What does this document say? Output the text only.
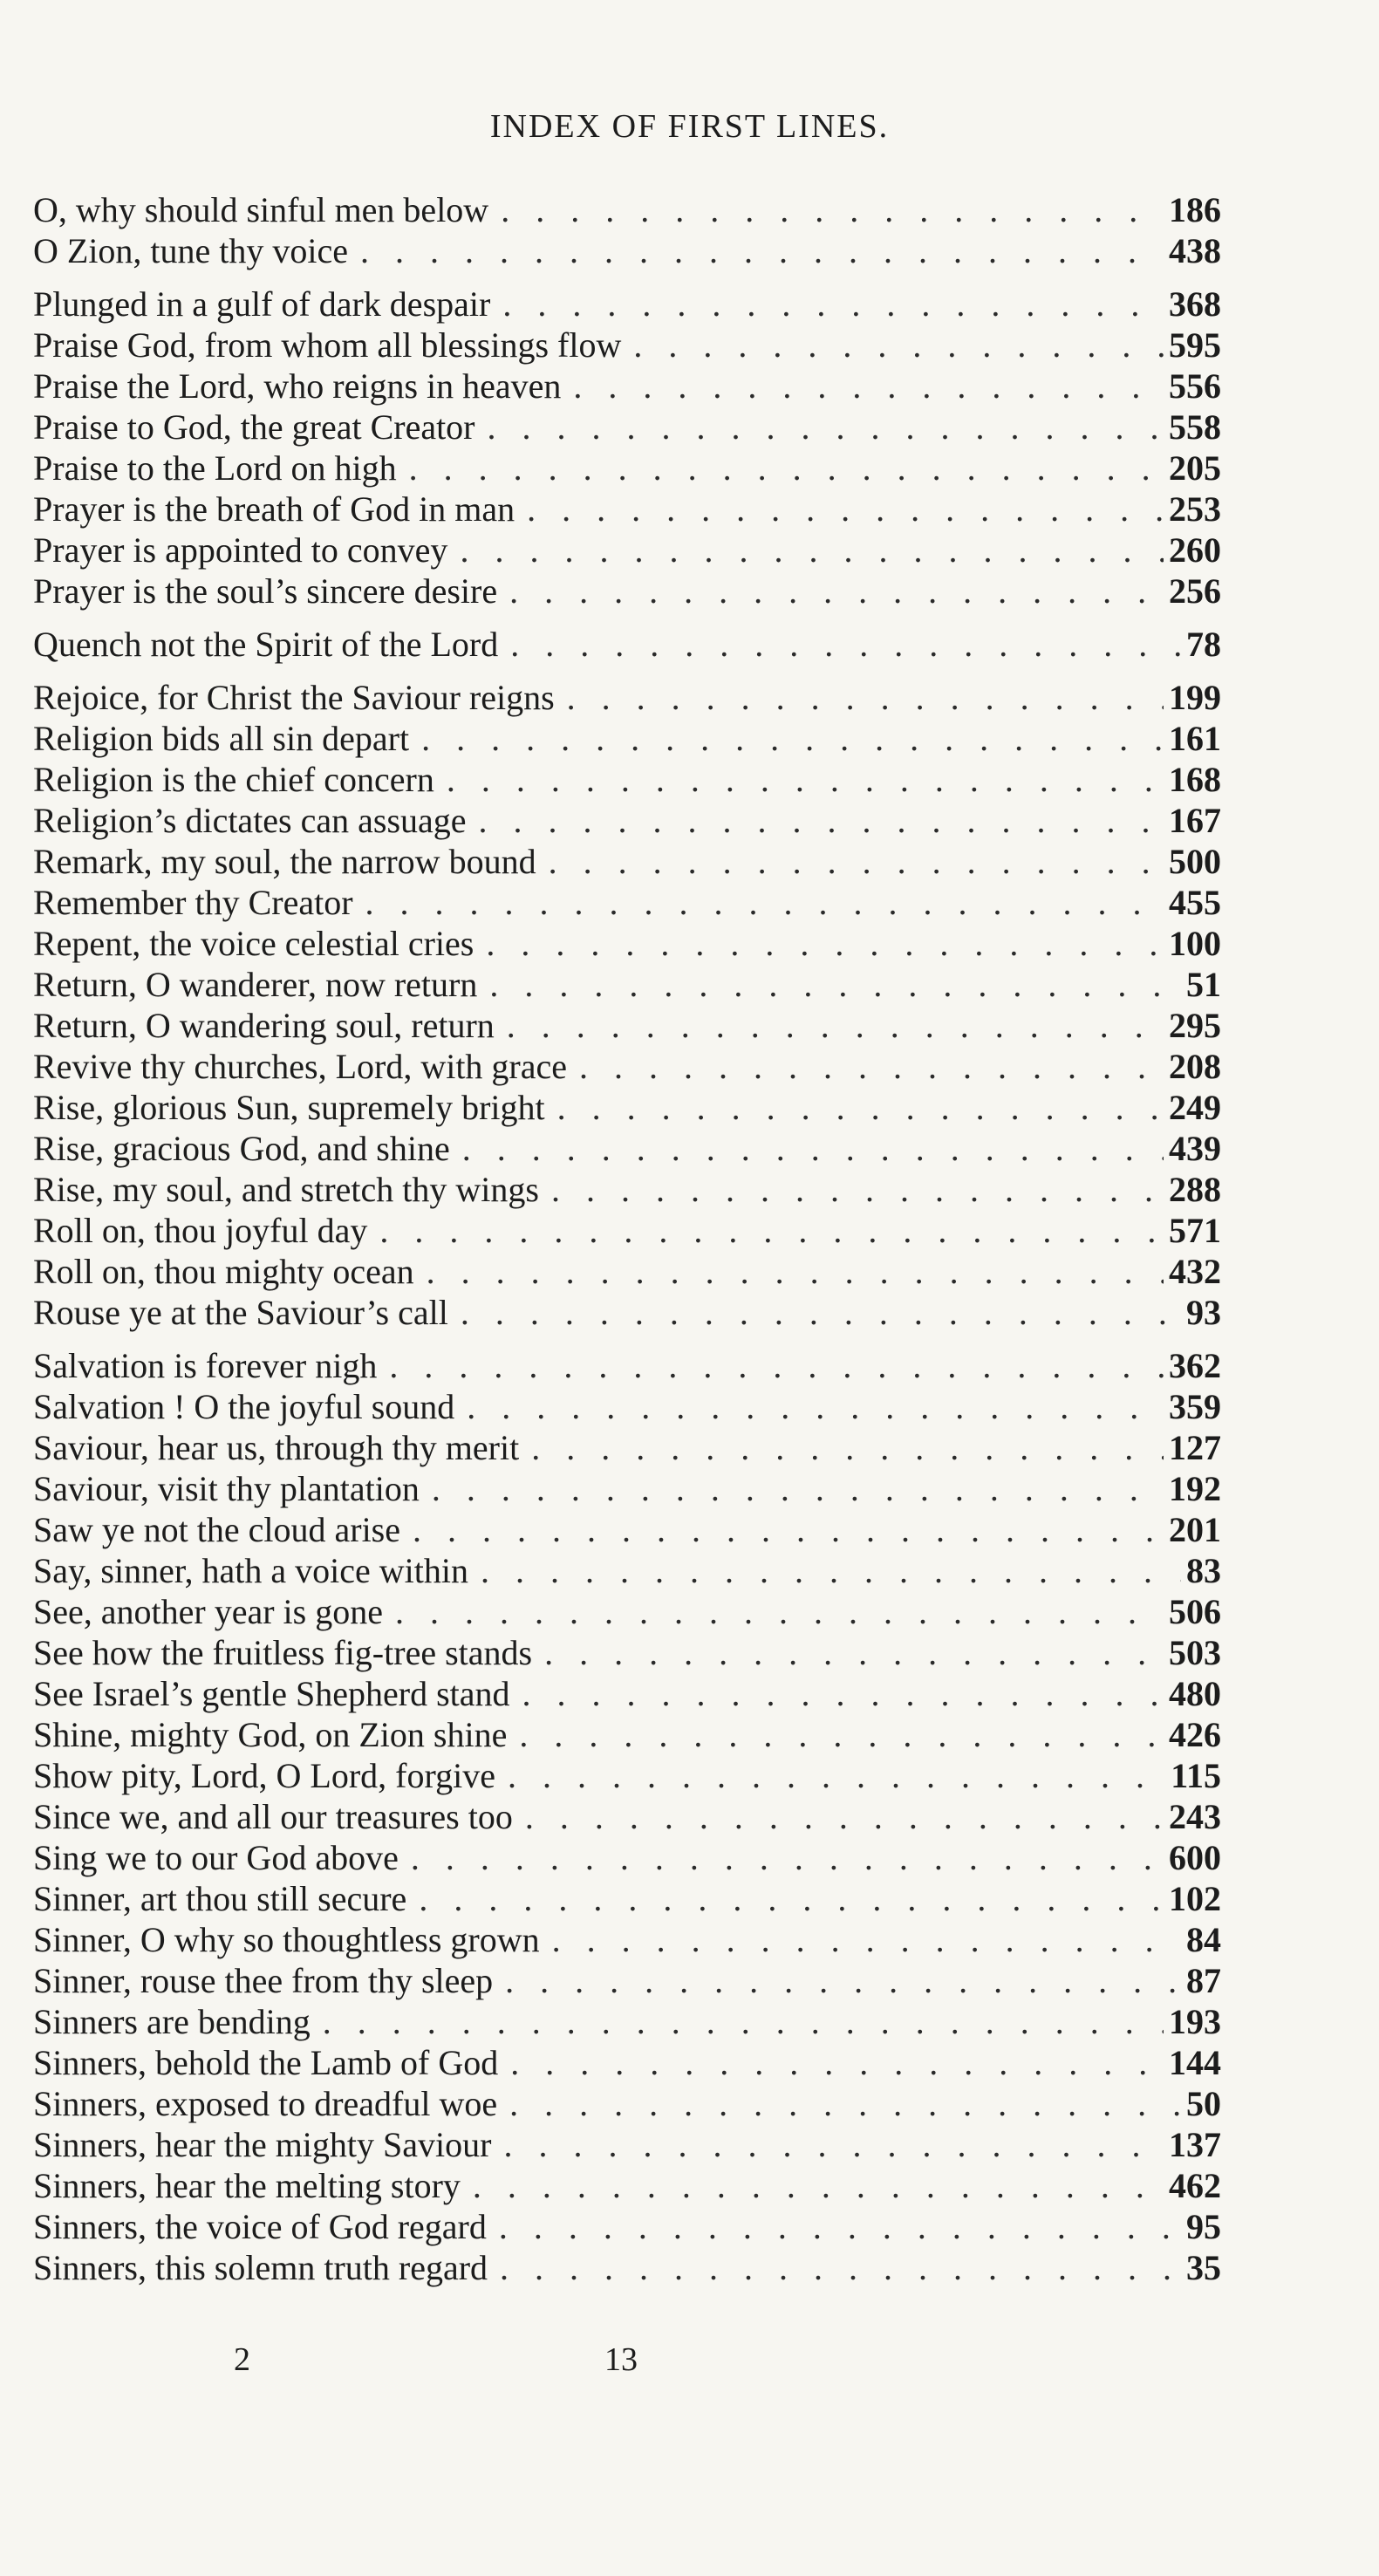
INDEX OF FIRST LINES.
O, why should sinful men below . . .	186
O Zion, tune thy voice . . .	438
Plunged in a gulf of dark despair . . .	368
Praise God, from whom all blessings flow . . .	595
Praise the Lord, who reigns in heaven . . .	556
Praise to God, the great Creator . . .	558
Praise to the Lord on high . . .	205
Prayer is the breath of God in man . . .	253
Prayer is appointed to convey . . .	260
Prayer is the soul’s sincere desire . . .	256
Quench not the Spirit of the Lord . . .	78
Rejoice, for Christ the Saviour reigns . . .	199
Religion bids all sin depart . . .	161
Religion is the chief concern . . .	168
Religion’s dictates can assuage . . .	167
Remark, my soul, the narrow bound . . .	500
Remember thy Creator . . .	455
Repent, the voice celestial cries . . .	100
Return, O wanderer, now return . . .	51
Return, O wandering soul, return . . .	295
Revive thy churches, Lord, with grace . . .	208
Rise, glorious Sun, supremely bright . . .	249
Rise, gracious God, and shine . . .	439
Rise, my soul, and stretch thy wings . . .	288
Roll on, thou joyful day . . .	571
Roll on, thou mighty ocean . . .	432
Rouse ye at the Saviour’s call . . .	93
Salvation is forever nigh . . .	362
Salvation ! O the joyful sound . . .	359
Saviour, hear us, through thy merit . . .	127
Saviour, visit thy plantation . . .	192
Saw ye not the cloud arise . . .	201
Say, sinner, hath a voice within . . .	83
See, another year is gone . . .	506
See how the fruitless fig-tree stands . . .	503
See Israel’s gentle Shepherd stand . . .	480
Shine, mighty God, on Zion shine . . .	426
Show pity, Lord, O Lord, forgive . . .	115
Since we, and all our treasures too . . .	243
Sing we to our God above . . .	600
Sinner, art thou still secure . . .	102
Sinner, O why so thoughtless grown . . .	84
Sinner, rouse thee from thy sleep . . .	87
Sinners are bending . . .	193
Sinners, behold the Lamb of God . . .	144
Sinners, exposed to dreadful woe . . .	50
Sinners, hear the mighty Saviour . . .	137
Sinners, hear the melting story . . .	462
Sinners, the voice of God regard . . .	95
Sinners, this solemn truth regard . . .	35
2	13
